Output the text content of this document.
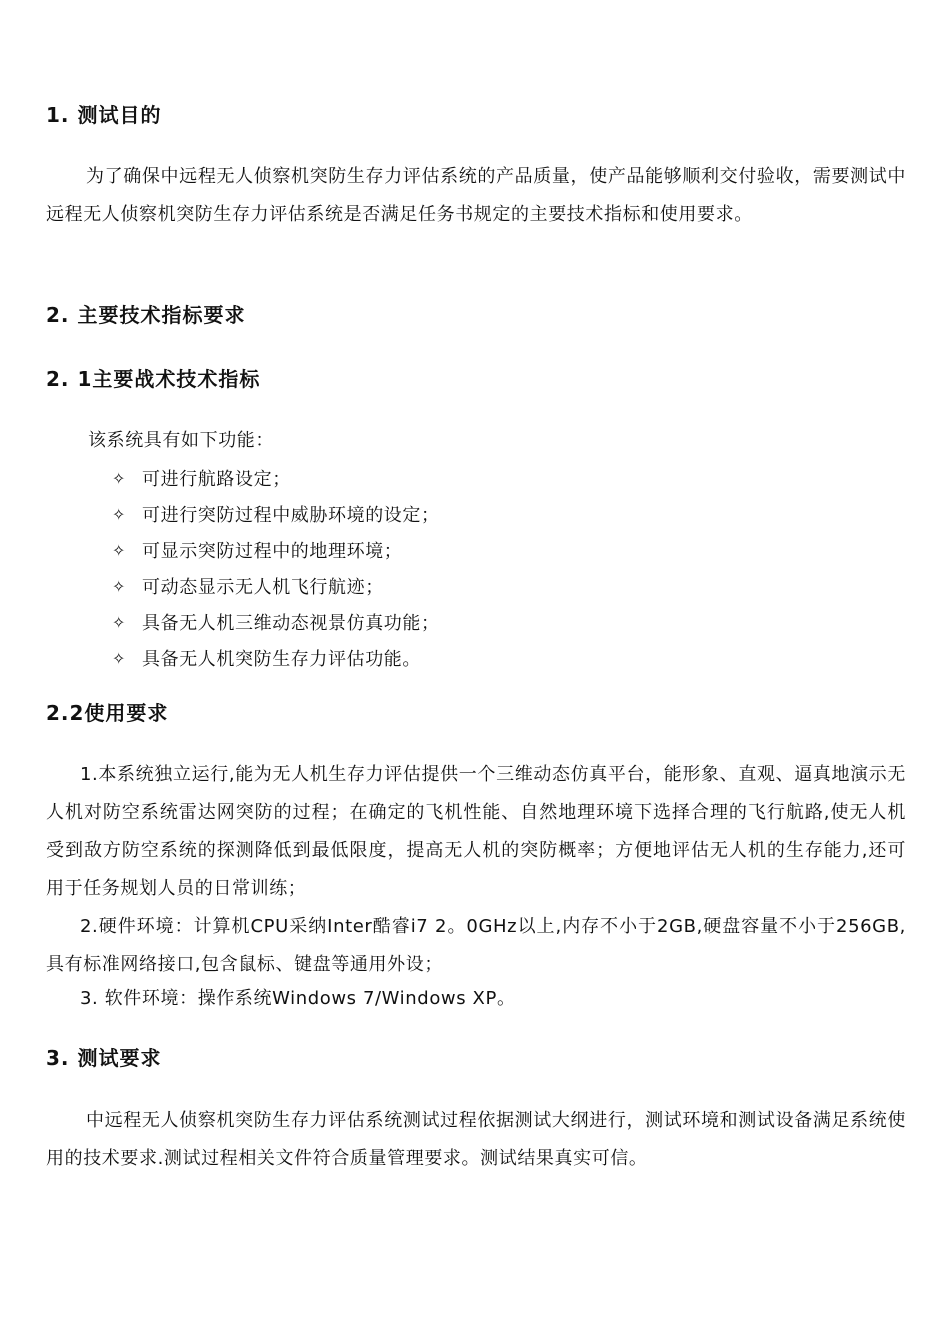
1. 测试目的

为了确保中远程无人侦察机突防生存力评估系统的产品质量，使产品能够顺利交付验收，需要测试中远程无人侦察机突防生存力评估系统是否满足任务书规定的主要技术指标和使用要求。

2. 主要技术指标要求
2. 1主要战术技术指标
该系统具有如下功能：
✧ 可进行航路设定；
✧ 可进行突防过程中威胁环境的设定；
✧ 可显示突防过程中的地理环境；
✧ 可动态显示无人机飞行航迹；
✧ 具备无人机三维动态视景仿真功能；
✧ 具备无人机突防生存力评估功能。
2.2使用要求

1.本系统独立运行,能为无人机生存力评估提供一个三维动态仿真平台，能形象、直观、逼真地演示无人机对防空系统雷达网突防的过程；在确定的飞机性能、自然地理环境下选择合理的飞行航路,使无人机受到敌方防空系统的探测降低到最低限度，提高无人机的突防概率；方便地评估无人机的生存能力,还可用于任务规划人员的日常训练；

2.硬件环境：计算机CPU采纳Inter酷睿i7 2。0GHz以上,内存不小于2GB,硬盘容量不小于256GB,具有标准网络接口,包含鼠标、键盘等通用外设；

3. 软件环境：操作系统Windows 7/Windows XP。

3. 测试要求

中远程无人侦察机突防生存力评估系统测试过程依据测试大纲进行，测试环境和测试设备满足系统使用的技术要求.测试过程相关文件符合质量管理要求。测试结果真实可信。
